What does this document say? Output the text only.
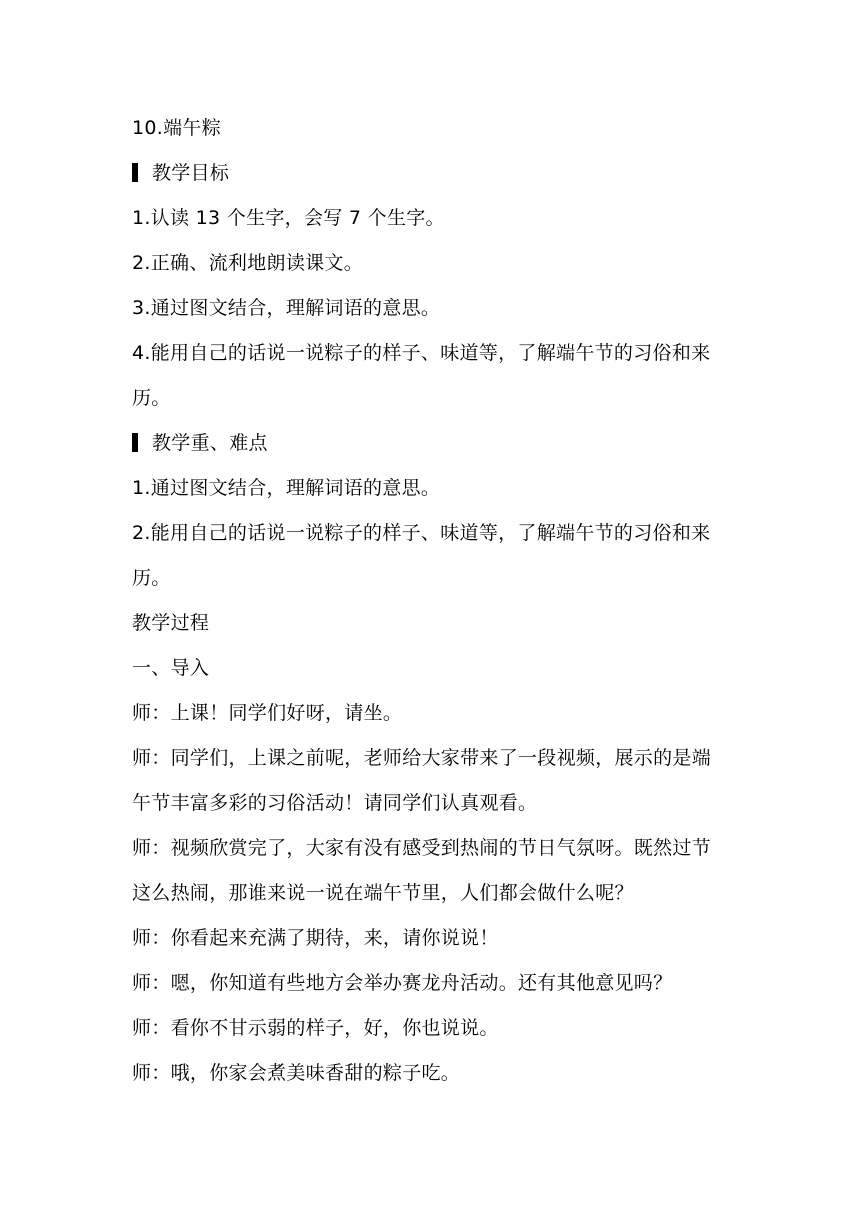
10.端午粽
教学目标
1.认读 13 个生字，会写 7 个生字。
2.正确、流利地朗读课文。
3.通过图文结合，理解词语的意思。
4.能用自己的话说一说粽子的样子、味道等，了解端午节的习俗和来
历。
教学重、难点
1.通过图文结合，理解词语的意思。
2.能用自己的话说一说粽子的样子、味道等，了解端午节的习俗和来
历。
教学过程
一、导入
师：上课！同学们好呀，请坐。
师：同学们，上课之前呢，老师给大家带来了一段视频，展示的是端
午节丰富多彩的习俗活动！请同学们认真观看。
师：视频欣赏完了，大家有没有感受到热闹的节日气氛呀。既然过节
这么热闹，那谁来说一说在端午节里，人们都会做什么呢？
师：你看起来充满了期待，来，请你说说！
师：嗯，你知道有些地方会举办赛龙舟活动。还有其他意见吗？
师：看你不甘示弱的样子，好，你也说说。
师：哦，你家会煮美味香甜的粽子吃。
